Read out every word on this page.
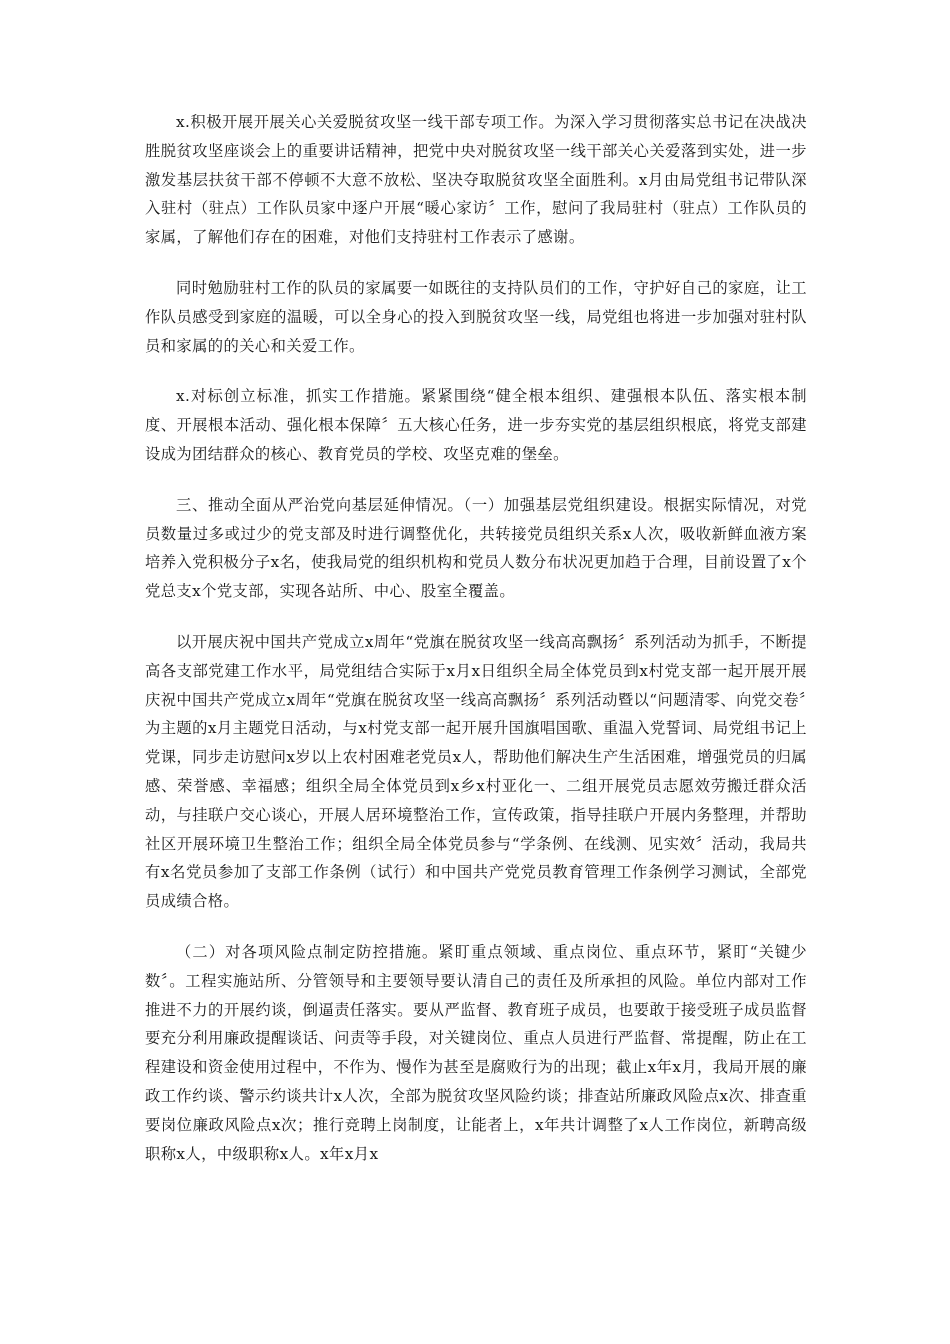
x.积极开展开展关心关爱脱贫攻坚一线干部专项工作。为深入学习贯彻落实总书记在决战决胜脱贫攻坚座谈会上的重要讲话精神，把党中央对脱贫攻坚一线干部关心关爱落到实处，进一步激发基层扶贫干部不停顿不大意不放松、坚决夺取脱贫攻坚全面胜利。x月由局党组书记带队深入驻村（驻点）工作队员家中逐户开展“暖心家访〞工作，慰问了我局驻村（驻点）工作队员的家属，了解他们存在的困难，对他们支持驻村工作表示了感谢。

同时勉励驻村工作的队员的家属要一如既往的支持队员们的工作，守护好自己的家庭，让工作队员感受到家庭的温暖，可以全身心的投入到脱贫攻坚一线，局党组也将进一步加强对驻村队员和家属的的关心和关爱工作。

x.对标创立标准，抓实工作措施。紧紧围绕“健全根本组织、建强根本队伍、落实根本制度、开展根本活动、强化根本保障〞五大核心任务，进一步夯实党的基层组织根底，将党支部建设成为团结群众的核心、教育党员的学校、攻坚克难的堡垒。

三、推动全面从严治党向基层延伸情况。（一）加强基层党组织建设。根据实际情况，对党员数量过多或过少的党支部及时进行调整优化，共转接党员组织关系x人次，吸收新鲜血液方案培养入党积极分子x名，使我局党的组织机构和党员人数分布状况更加趋于合理，目前设置了x个党总支x个党支部，实现各站所、中心、股室全覆盖。

以开展庆祝中国共产党成立x周年“党旗在脱贫攻坚一线高高飘扬〞系列活动为抓手，不断提高各支部党建工作水平，局党组结合实际于x月x日组织全局全体党员到x村党支部一起开展开展庆祝中国共产党成立x周年“党旗在脱贫攻坚一线高高飘扬〞系列活动暨以“问题清零、向党交卷〞为主题的x月主题党日活动，与x村党支部一起开展升国旗唱国歌、重温入党誓词、局党组书记上党课，同步走访慰问x岁以上农村困难老党员x人，帮助他们解决生产生活困难，增强党员的归属感、荣誉感、幸福感；组织全局全体党员到x乡x村亚化一、二组开展党员志愿效劳搬迁群众活动，与挂联户交心谈心，开展人居环境整治工作，宣传政策，指导挂联户开展内务整理，并帮助社区开展环境卫生整治工作；组织全局全体党员参与“学条例、在线测、见实效〞活动，我局共有x名党员参加了支部工作条例（试行）和中国共产党党员教育管理工作条例学习测试，全部党员成绩合格。

（二）对各项风险点制定防控措施。紧盯重点领域、重点岗位、重点环节，紧盯“关键少数〞。工程实施站所、分管领导和主要领导要认清自己的责任及所承担的风险。单位内部对工作推进不力的开展约谈，倒逼责任落实。要从严监督、教育班子成员，也要敢于接受班子成员监督要充分利用廉政提醒谈话、问责等手段，对关键岗位、重点人员进行严监督、常提醒，防止在工程建设和资金使用过程中，不作为、慢作为甚至是腐败行为的出现；截止x年x月，我局开展的廉政工作约谈、警示约谈共计x人次，全部为脱贫攻坚风险约谈；排查站所廉政风险点x次、排查重要岗位廉政风险点x次；推行竞聘上岗制度，让能者上，x年共计调整了x人工作岗位，新聘高级职称x人，中级职称x人。x年x月x
